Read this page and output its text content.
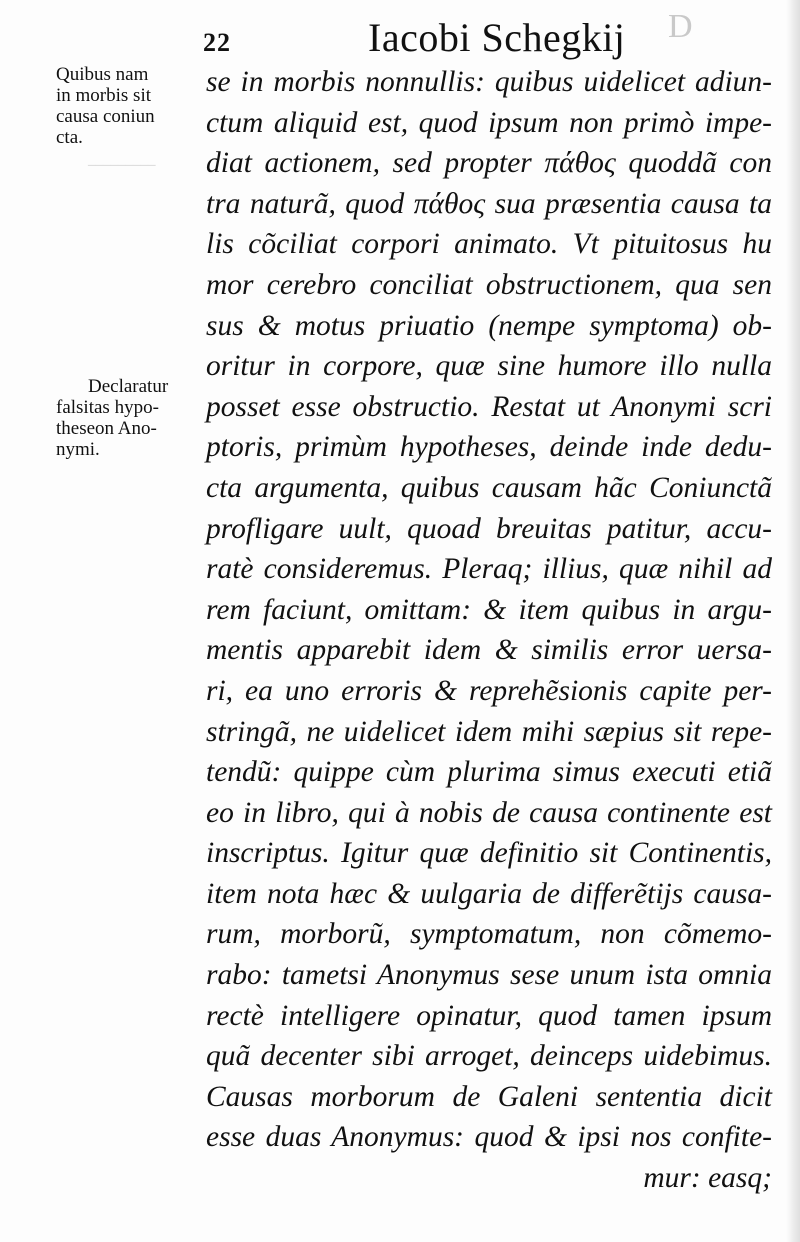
_________
22	Iacobi Schegkij D
Quibus nam
in morbis sit
causa coniun
cta.
Declaratur
falsitas hypo-
theseon Ano-
nymi.
se in morbis nonnullis: quibus uidelicet adiun-
ctum aliquid est, quod ipsum non primò impe-
diat actionem, sed propter πάθος quoddã con
tra naturã, quod πάθος sua præsentia causa ta
lis cõciliat corpori animato. Vt pituitosus hu
mor cerebro conciliat obstructionem, qua sen
sus & motus priuatio (nempe symptoma) ob-
oritur in corpore, quæ sine humore illo nulla
posset esse obstructio. Restat ut Anonymi scri
ptoris, primùm hypotheses, deinde inde dedu-
cta argumenta, quibus causam hãc Coniunctã
profligare uult, quoad breuitas patitur, accu-
ratè consideremus. Pleraq; illius, quæ nihil ad
rem faciunt, omittam: & item quibus in argu-
mentis apparebit idem & similis error uersa-
ri, ea uno erroris & reprehẽsionis capite per-
stringã, ne uidelicet idem mihi sæpius sit repe-
tendũ: quippe cùm plurima simus executi etiã
eo in libro, qui à nobis de causa continente est
inscriptus. Igitur quæ definitio sit Continentis,
item nota hæc & uulgaria de differẽtijs causa-
rum, morborũ, symptomatum, non cõmemo-
rabo: tametsi Anonymus sese unum ista omnia
rectè intelligere opinatur, quod tamen ipsum
quã decenter sibi arroget, deinceps uidebimus.
Causas morborum de Galeni sententia dicit
esse duas Anonymus: quod & ipsi nos confite-
mur: easq;
